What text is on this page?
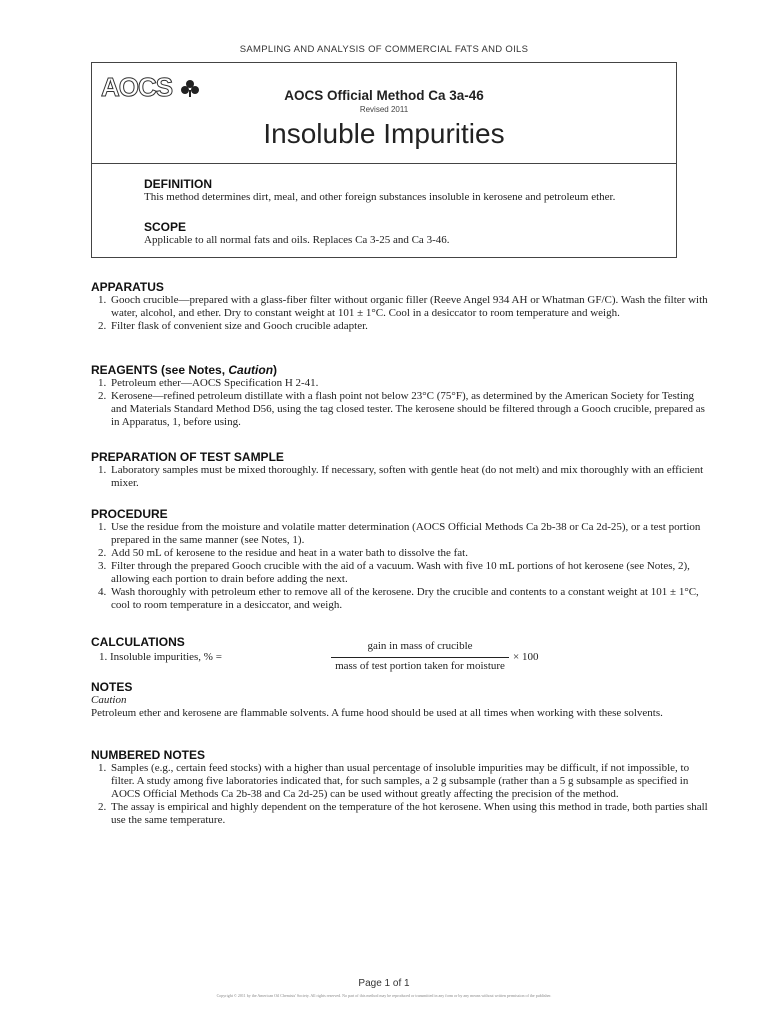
SAMPLING AND ANALYSIS OF COMMERCIAL FATS AND OILS
AOCS	AOCS Official Method Ca 3a-46
Revised 2011
Insoluble Impurities

DEFINITION

This method determines dirt, meal, and other foreign substances insoluble in kerosene and petroleum ether.

SCOPE

Applicable to all normal fats and oils. Replaces Ca 3-25 and Ca 3-46.

APPARATUS

1. Gooch crucible—prepared with a glass-fiber filter without organic filler (Reeve Angel 934 AH or Whatman GF/C). Wash the filter with water, alcohol, and ether. Dry to constant weight at 101 ± 1°C. Cool in a desiccator to room temperature and weigh.
2. Filter flask of convenient size and Gooch crucible adapter.

REAGENTS (see Notes, Caution)

1. Petroleum ether—AOCS Specification H 2-41.
2. Kerosene—refined petroleum distillate with a flash point not below 23°C (75°F), as determined by the American Society for Testing and Materials Standard Method D56, using the tag closed tester. The kerosene should be filtered through a Gooch crucible, prepared as in Apparatus, 1, before using.

PREPARATION OF TEST SAMPLE

1. Laboratory samples must be mixed thoroughly. If necessary, soften with gentle heat (do not melt) and mix thoroughly with an efficient mixer.

PROCEDURE

1. Use the residue from the moisture and volatile matter determination (AOCS Official Methods Ca 2b-38 or Ca 2d-25), or a test portion prepared in the same manner (see Notes, 1).
2. Add 50 mL of kerosene to the residue and heat in a water bath to dissolve the fat.
3. Filter through the prepared Gooch crucible with the aid of a vacuum. Wash with five 10 mL portions of hot kerosene (see Notes, 2), allowing each portion to drain before adding the next.
4. Wash thoroughly with petroleum ether to remove all of the kerosene. Dry the crucible and contents to a constant weight at 101 ± 1°C, cool to room temperature in a desiccator, and weigh.

CALCULATIONS

1. Insoluble impurities, % =
gain in mass of crucible
mass of test portion taken for moisture
× 100

NOTES

Caution

Petroleum ether and kerosene are flammable solvents. A fume hood should be used at all times when working with these solvents.

NUMBERED NOTES

1. Samples (e.g., certain feed stocks) with a higher than usual percentage of insoluble impurities may be difficult, if not impossible, to filter. A study among five laboratories indicated that, for such samples, a 2 g subsample (rather than a 5 g subsample as specified in AOCS Official Methods Ca 2b-38 and Ca 2d-25) can be used without greatly affecting the precision of the method.
2. The assay is empirical and highly dependent on the temperature of the hot kerosene. When using this method in trade, both parties shall use the same temperature.
Page 1 of 1
Copyright © 2011 by the American Oil Chemists' Society. All rights reserved. No part of this method may be reproduced or transmitted in any form or by any means without written permission of the publisher.
